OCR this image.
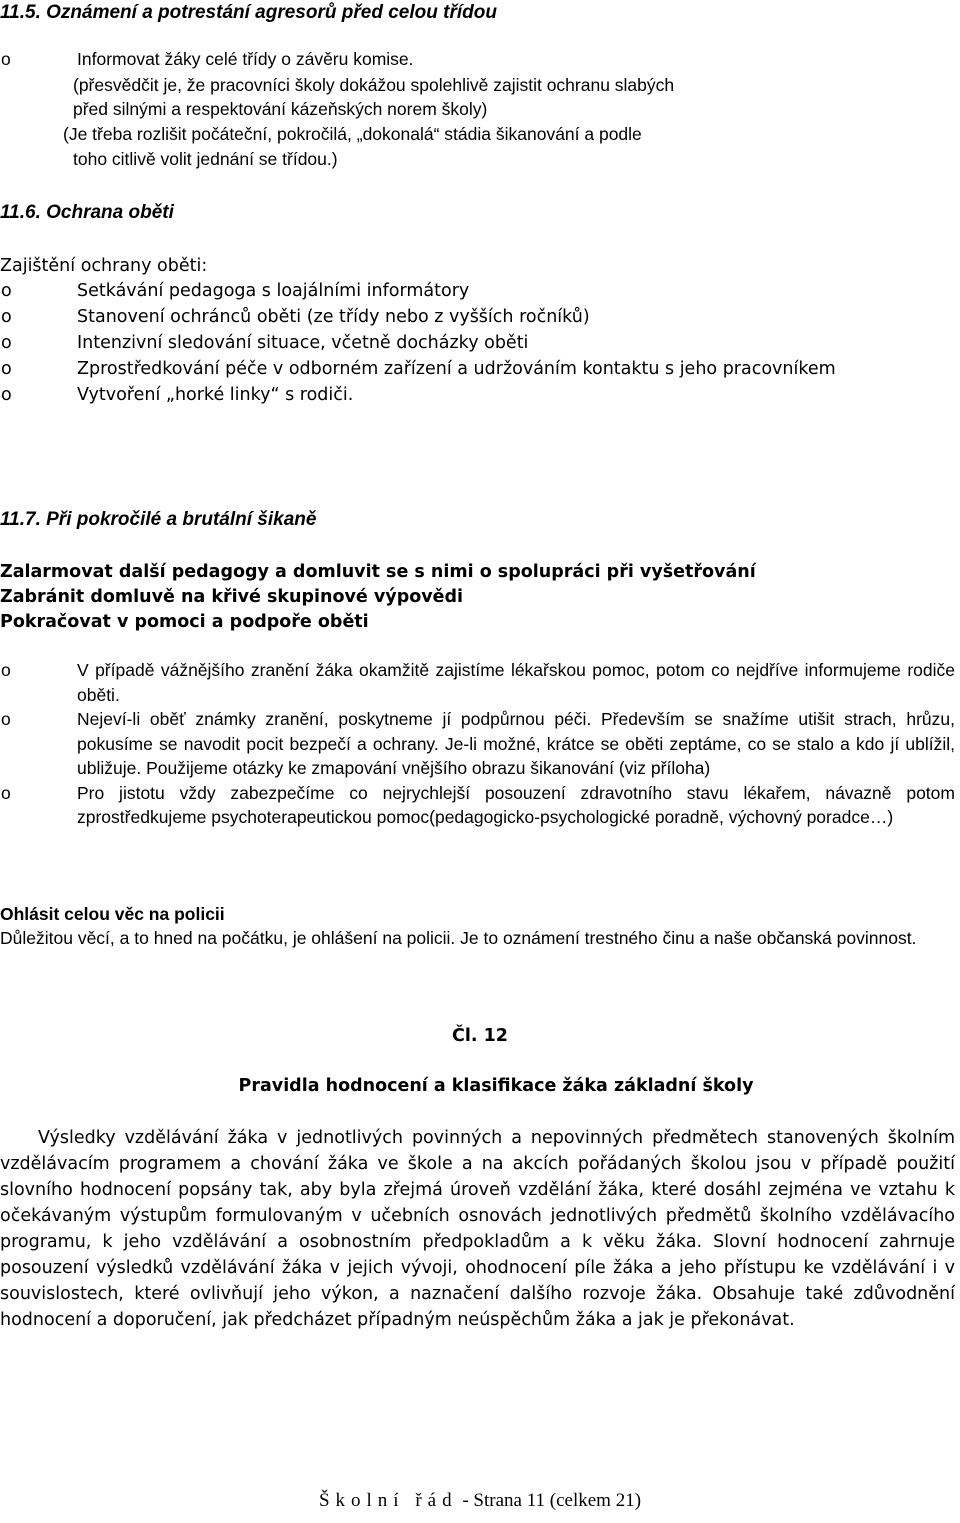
11.5. Oznámení a potrestání agresorů před celou třídou
o	Informovat žáky celé třídy o závěru komise.
(přesvědčit je, že pracovníci školy dokážou spolehlivě zajistit ochranu slabých
před silnými a respektování kázeňských norem školy)
(Je třeba rozlišit počáteční, pokročilá, „dokonalá“ stádia šikanování a podle
toho citlivě volit jednání se třídou.)
11.6. Ochrana oběti
Zajištění ochrany oběti:
o	Setkávání pedagoga s loajálními informátory
o	Stanovení ochránců oběti (ze třídy nebo z vyšších ročníků)
o	Intenzivní sledování situace, včetně docházky oběti
o	Zprostředkování péče v odborném zařízení a udržováním kontaktu s jeho pracovníkem
o	Vytvoření „horké linky“ s rodiči.
11.7. Při pokročilé a brutální šikaně
Zalarmovat další pedagogy a domluvit se s nimi o spolupráci při vyšetřování
Zabránit domluvě na křivé skupinové výpovědi
Pokračovat v pomoci a podpoře oběti
o	V případě vážnějšího zranění žáka okamžitě zajistíme lékařskou pomoc, potom co nejdříve informujeme rodiče oběti.
o	Nejeví-li oběť známky zranění, poskytneme jí podpůrnou péči. Především se snažíme utišit strach, hrůzu, pokusíme se navodit pocit bezpečí a ochrany. Je-li možné, krátce se oběti zeptáme, co se stalo a kdo jí ublížil, ubližuje. Použijeme otázky ke zmapování vnějšího obrazu šikanování (viz příloha)
o	Pro jistotu vždy zabezpečíme co nejrychlejší posouzení zdravotního stavu lékařem, návazně potom zprostředkujeme psychoterapeutickou pomoc(pedagogicko-psychologické poradně, výchovný poradce…)
Ohlásit celou věc na policii
Důležitou věcí, a to hned na počátku, je ohlášení na policii. Je to oznámení trestného činu a naše občanská povinnost.
Čl. 12
Pravidla hodnocení a klasifikace žáka základní školy
Výsledky vzdělávání žáka v jednotlivých povinných a nepovinných předmětech stanovených školním vzdělávacím programem a chování žáka ve škole a na akcích pořádaných školou jsou v případě použití slovního hodnocení popsány tak, aby byla zřejmá úroveň vzdělání žáka, které dosáhl zejména ve vztahu k očekávaným výstupům formulovaným v učebních osnovách jednotlivých předmětů školního vzdělávacího programu, k jeho vzdělávání a osobnostním předpokladům a k věku žáka. Slovní hodnocení zahrnuje posouzení výsledků vzdělávání žáka v jejich vývoji, ohodnocení píle žáka a jeho přístupu ke vzdělávání i v souvislostech, které ovlivňují jeho výkon, a naznačení dalšího rozvoje žáka. Obsahuje také zdůvodnění hodnocení a doporučení, jak předcházet případným neúspěchům žáka a jak je překonávat.
Školní řád - Strana 11 (celkem 21)
